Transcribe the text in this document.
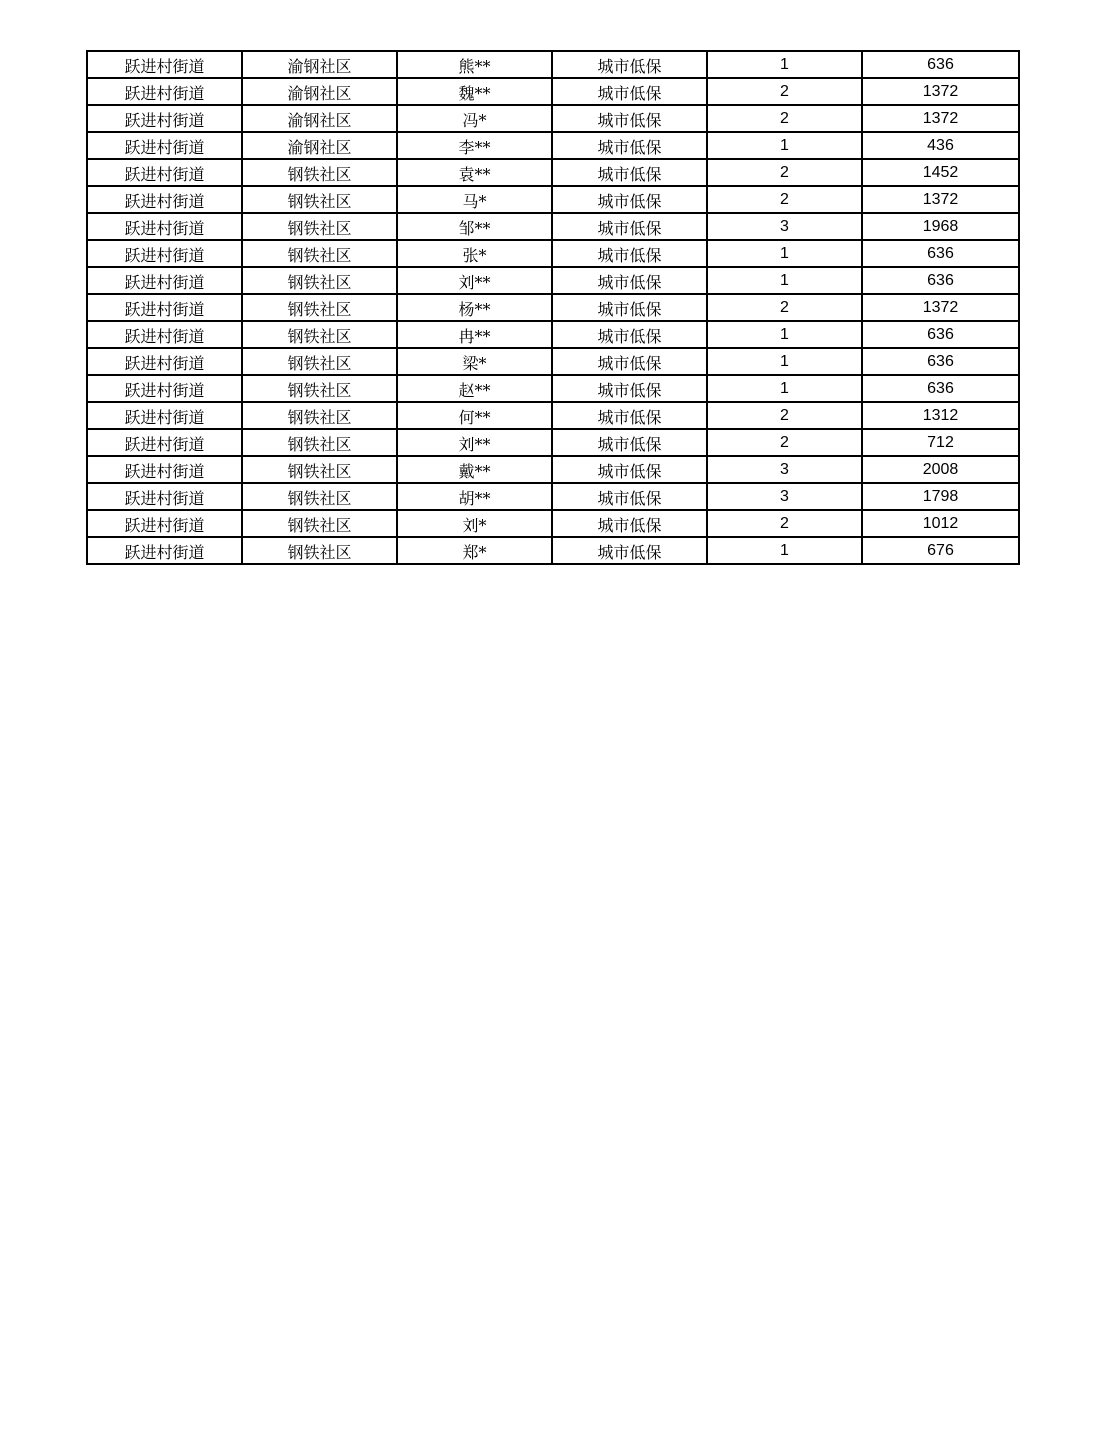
跃进村街道	渝钢社区	熊**	城市低保	1	636
跃进村街道	渝钢社区	魏**	城市低保	2	1372
跃进村街道	渝钢社区	冯*	城市低保	2	1372
跃进村街道	渝钢社区	李**	城市低保	1	436
跃进村街道	钢铁社区	袁**	城市低保	2	1452
跃进村街道	钢铁社区	马*	城市低保	2	1372
跃进村街道	钢铁社区	邹**	城市低保	3	1968
跃进村街道	钢铁社区	张*	城市低保	1	636
跃进村街道	钢铁社区	刘**	城市低保	1	636
跃进村街道	钢铁社区	杨**	城市低保	2	1372
跃进村街道	钢铁社区	冉**	城市低保	1	636
跃进村街道	钢铁社区	梁*	城市低保	1	636
跃进村街道	钢铁社区	赵**	城市低保	1	636
跃进村街道	钢铁社区	何**	城市低保	2	1312
跃进村街道	钢铁社区	刘**	城市低保	2	712
跃进村街道	钢铁社区	戴**	城市低保	3	2008
跃进村街道	钢铁社区	胡**	城市低保	3	1798
跃进村街道	钢铁社区	刘*	城市低保	2	1012
跃进村街道	钢铁社区	郑*	城市低保	1	676
